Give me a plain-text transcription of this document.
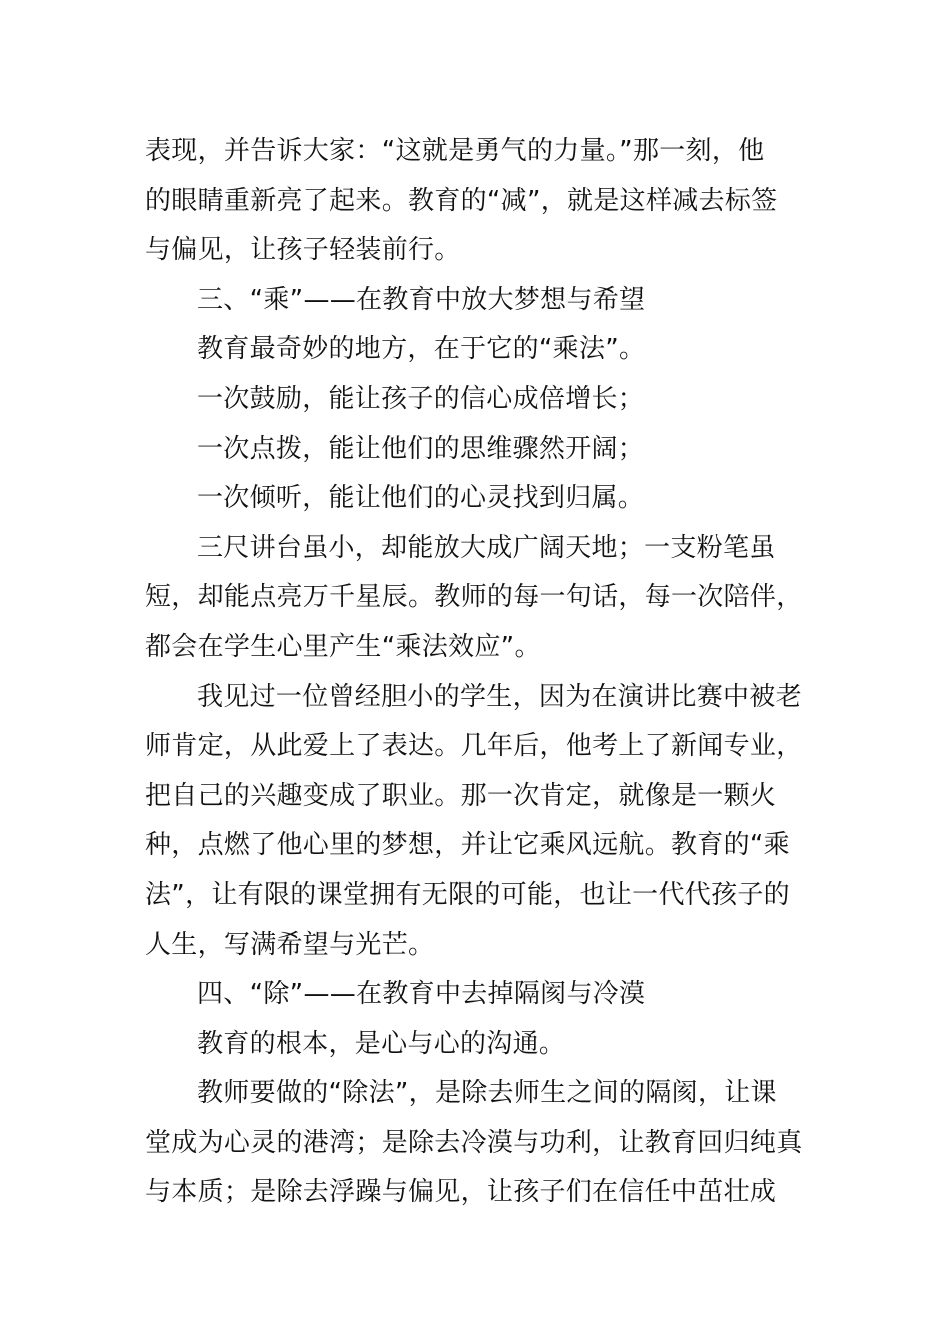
表现，并告诉大家：“这就是勇气的力量。”那一刻，他
的眼睛重新亮了起来。教育的“减”，就是这样减去标签
与偏见，让孩子轻装前行。
三、“乘”——在教育中放大梦想与希望
教育最奇妙的地方，在于它的“乘法”。
一次鼓励，能让孩子的信心成倍增长；
一次点拨，能让他们的思维骤然开阔；
一次倾听，能让他们的心灵找到归属。
三尺讲台虽小，却能放大成广阔天地；一支粉笔虽
短，却能点亮万千星辰。教师的每一句话，每一次陪伴，
都会在学生心里产生“乘法效应”。
我见过一位曾经胆小的学生，因为在演讲比赛中被老
师肯定，从此爱上了表达。几年后，他考上了新闻专业，
把自己的兴趣变成了职业。那一次肯定，就像是一颗火
种，点燃了他心里的梦想，并让它乘风远航。教育的“乘
法”，让有限的课堂拥有无限的可能，也让一代代孩子的
人生，写满希望与光芒。
四、“除”——在教育中去掉隔阂与冷漠
教育的根本，是心与心的沟通。
教师要做的“除法”，是除去师生之间的隔阂，让课
堂成为心灵的港湾；是除去冷漠与功利，让教育回归纯真
与本质；是除去浮躁与偏见，让孩子们在信任中茁壮成
